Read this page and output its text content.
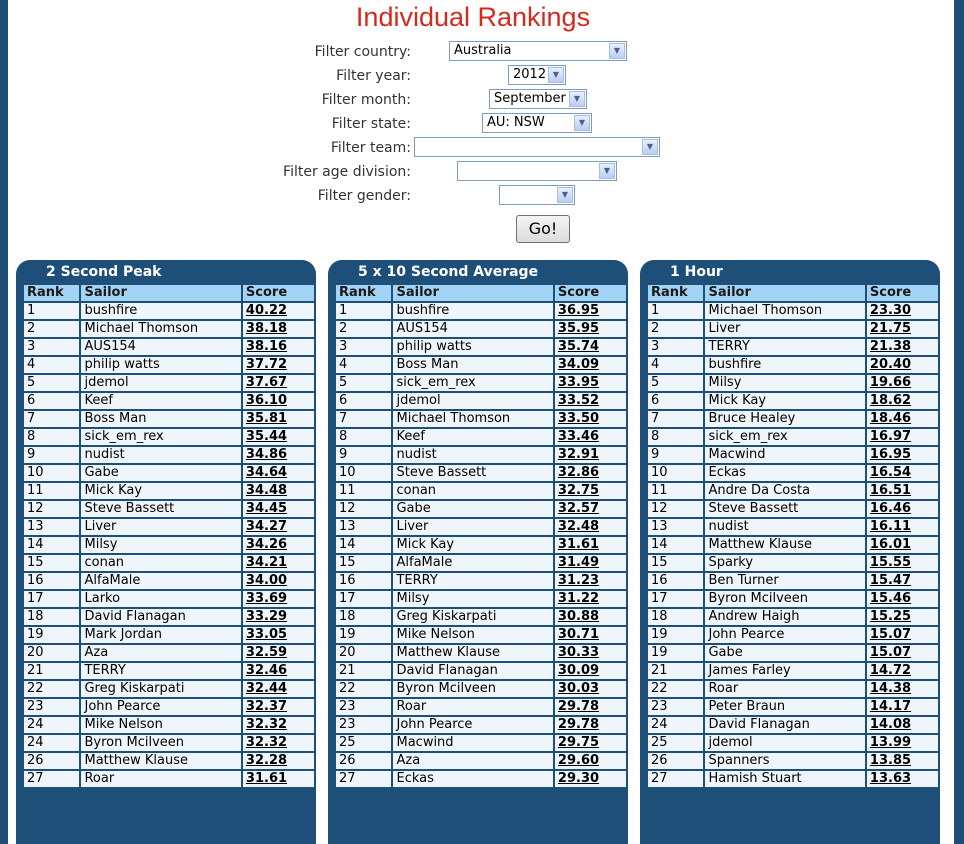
Individual Rankings
Filter country:	Australia	▼
Filter year:	2012 ▼
Filter month:	September	▼
Filter state:	AU: NSW	▼
Filter team:	▼
Filter age division:	▼
Filter gender:	▼
Go!
2 Second Peak
Rank	Sailor	Score
1	bushfire	40.22
2	Michael Thomson	38.18
3	AUS154	38.16
4	philip watts	37.72
5	jdemol	37.67
6	Keef	36.10
7	Boss Man	35.81
8	sick_em_rex	35.44
9	nudist	34.86
10	Gabe	34.64
11	Mick Kay	34.48
12	Steve Bassett	34.45
13	Liver	34.27
14	Milsy	34.26
15	conan	34.21
16	AlfaMale	34.00
17	Larko	33.69
18	David Flanagan	33.29
19	Mark Jordan	33.05
20	Aza	32.59
21	TERRY	32.46
22	Greg Kiskarpati	32.44
23	John Pearce	32.37
24	Mike Nelson	32.32
24	Byron Mcilveen	32.32
26	Matthew Klause	32.28
27	Roar	31.61
5 x 10 Second Average
Rank	Sailor	Score
1	bushfire	36.95
2	AUS154	35.95
3	philip watts	35.74
4	Boss Man	34.09
5	sick_em_rex	33.95
6	jdemol	33.52
7	Michael Thomson	33.50
8	Keef	33.46
9	nudist	32.91
10	Steve Bassett	32.86
11	conan	32.75
12	Gabe	32.57
13	Liver	32.48
14	Mick Kay	31.61
15	AlfaMale	31.49
16	TERRY	31.23
17	Milsy	31.22
18	Greg Kiskarpati	30.88
19	Mike Nelson	30.71
20	Matthew Klause	30.33
21	David Flanagan	30.09
22	Byron Mcilveen	30.03
23	Roar	29.78
23	John Pearce	29.78
25	Macwind	29.75
26	Aza	29.60
27	Eckas	29.30
1 Hour
Rank	Sailor	Score
1	Michael Thomson	23.30
2	Liver	21.75
3	TERRY	21.38
4	bushfire	20.40
5	Milsy	19.66
6	Mick Kay	18.62
7	Bruce Healey	18.46
8	sick_em_rex	16.97
9	Macwind	16.95
10	Eckas	16.54
11	Andre Da Costa	16.51
12	Steve Bassett	16.46
13	nudist	16.11
14	Matthew Klause	16.01
15	Sparky	15.55
16	Ben Turner	15.47
17	Byron Mcilveen	15.46
18	Andrew Haigh	15.25
19	John Pearce	15.07
19	Gabe	15.07
21	James Farley	14.72
22	Roar	14.38
23	Peter Braun	14.17
24	David Flanagan	14.08
25	jdemol	13.99
26	Spanners	13.85
27	Hamish Stuart	13.63
